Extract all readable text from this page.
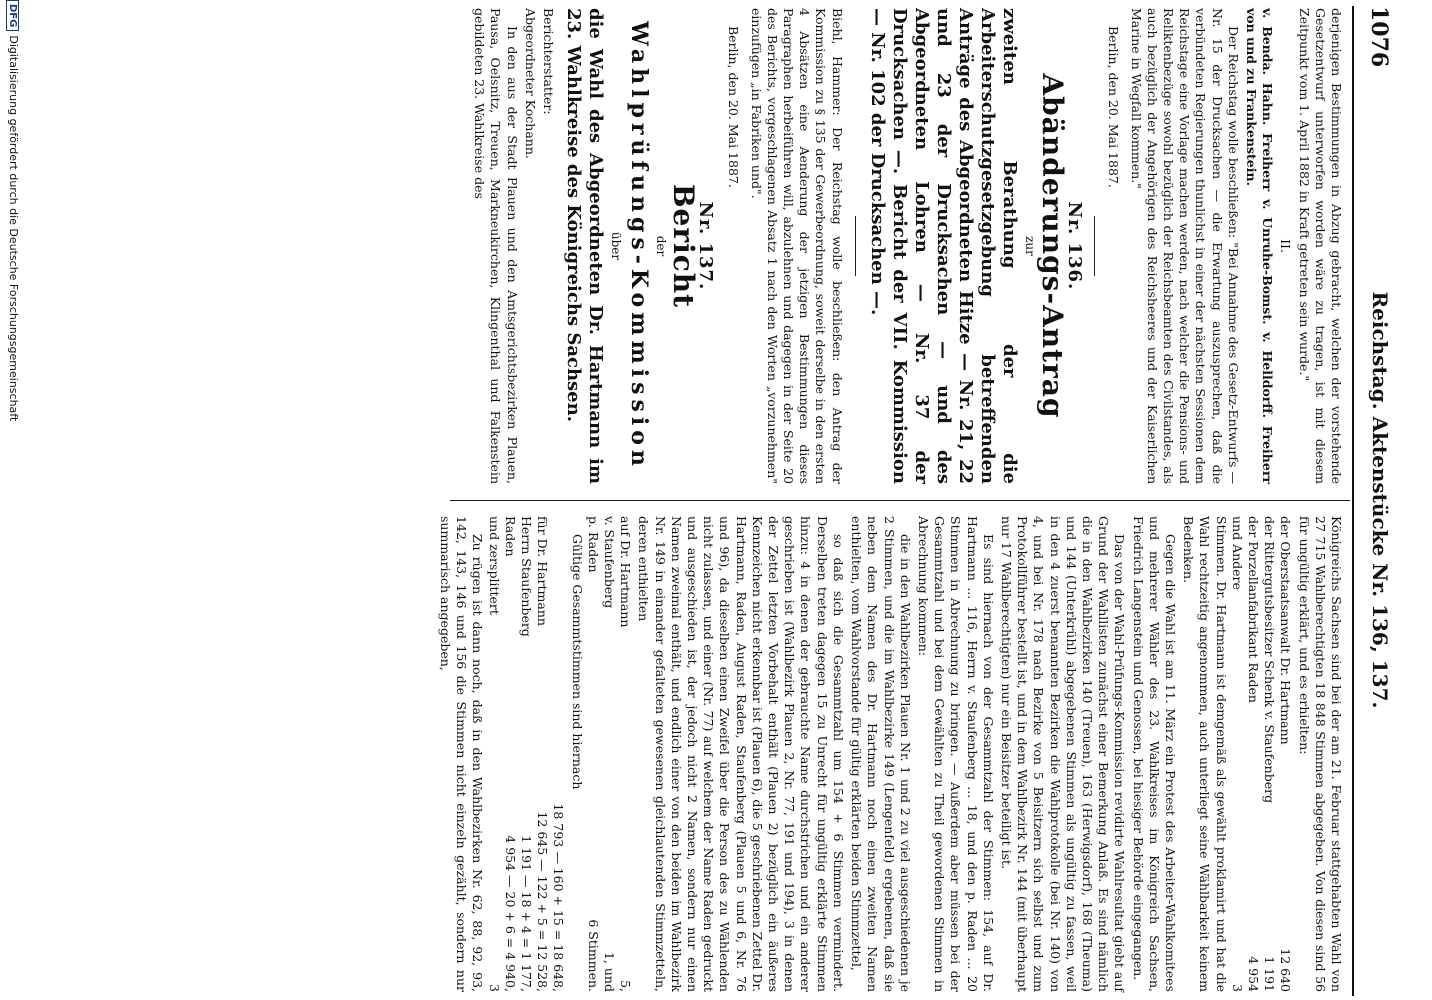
1076
Reichstag. Aktenstücke Nr. 136, 137.

derjenigen Bestimmungen in Abzug gebracht, welchen der vorstehende Gesetzentwurf unterworfen worden wäre zu tragen, ist mit diesem Zeitpunkt vom 1. April 1882 in Kraft getreten sein wurde."

II.

v. Benda. Hahn. Freiherr v. Unruhe-Bomst. v. Helldorff. Freiherr von und zu Frankenstein.

Der Reichstag wolle beschließen: "Bei Annahme des Gesetz-Entwurfs — Nr. 15 der Drucksachen — die Erwartung auszusprechen, daß die verbündeten Regierungen thunlichst in einer der nächsten Sessionen dem Reichstage eine Vorlage machen werden, nach welcher die Pensions- und Reliktenbezüge sowohl bezüglich der Reichsbeamten des Civilstandes, als auch bezüglich der Angehörigen des Reichsheeres und der Kaiserlichen Marine in Wegfall kommen."

Berlin, den 20. Mai 1887.

Nr. 136.
Abänderungs-Antrag
zur

zweiten Berathung der die Arbeiterschutzgesetzgebung betreffenden Anträge des Abgeordneten Hitze — Nr. 21, 22 und 23 der Drucksachen — und des Abgeordneten Lohren — Nr. 37 der Drucksachen —. Bericht der VII. Kommission — Nr. 102 der Drucksachen —.

Biehl, Hammer: Der Reichstag wolle beschließen: den Antrag der Kommission zu § 135 der Gewerbeordnung, soweit derselbe in den ersten 4 Absätzen eine Aenderung der jetzigen Bestimmungen dieses Paragraphen herbeiführen will, abzulehnen und dagegen in der Seite 20 des Berichts, vorgeschlagenen Absatz 1 nach den Worten „vorzunehmen" einzufügen „in Fabriken und".

Berlin, den 20. Mai 1887.

Nr. 137.
Bericht
der
Wahlprüfungs-Kommission
über

die Wahl des Abgeordneten Dr. Hartmann im 23. Wahlkreise des Königreichs Sachsen.

Berichterstatter:

Abgeordneter Kochann.

In den aus der Stadt Plauen und den Amtsgerichtsbezirken Plauen, Pausa, Oelsnitz, Treuen, Markneukirchen, Klingenthal und Falkenstein gebildeten 23. Wahlkreise des

Königreichs Sachsen sind bei der am 21. Februar stattgehabten Wahl von 27 715 Wahlberechtigten 18 848 Stimmen abgegeben. Von diesen sind 56 für ungültig erklärt, und es erhielten:

der Oberstaatsanwalt Dr. Hartmann
12 640
der Rittergutsbesitzer Schenk v. Staufenberg
1 191
der Porzellanfabrikant Raden
4 954
und Andere
3

Stimmen. Dr. Hartmann ist demgemäß als gewählt proklamirt und hat die Wahl rechtzeitig angenommen, auch unterliegt seine Wählbarkeit keinem Bedenken.

Gegen die Wahl ist am 11. März ein Protest des Arbeiter-Wahlkomitees und mehrerer Wähler des 23. Wahlkreises im Königreich Sachsen, Friedrich Langenstein und Genossen, bei hiesiger Behörde eingegangen.

Das von der Wahl-Prüfungs-Kommission revidirte Wahlresultat giebt auf Grund der Wahllisten zunächst einer Bemerkung Anlaß. Es sind nämlich die in den Wahlbezirken 140 (Treuen), 163 (Herwigsdorf), 168 (Theuma) und 144 (Unterkrühl) abgegebenen Stimmen als ungültig zu fassen, weil in den 4 zuerst benannten Bezirken die Wahlprotokolle (bei Nr. 140) von 4, und bei Nr. 178 nach Bezirke von 5 Beisitzern sich selbst und zum Protokollführer bestellt ist, und in dem Wahlbezirk Nr. 144 (mit überhaupt nur 17 Wahlberechtigten) nur ein Beisitzer beteiligt ist.

Es sind hiernach von der Gesammtzahl der Stimmen: 154, auf Dr. Hartmann ... 116, Herrn v. Staufenberg ... 18, und den p. Raden ... 20 Stimmen in Abrechnung zu bringen. — Außerdem aber müssen bei der Gesammtzahl und bei dem Gewählten zu Theil gewordenen Stimmen in Abrechnung kommen:

die in den Wahlbezirken Plauen Nr. 1 und 2 zu viel ausgeschiedenen je 2 Stimmen, und die im Wahlbezirke 149 (Lengenfeld) ergebenen, daß sie neben dem Namen des Dr. Hartmann noch einen zweiten Namen enthielten, vom Wahlvorstande für gültig erklärten beiden Stimmzettel,

so daß sich die Gesammtzahl um 154 + 6 Stimmen vermindert. Derselben treten dagegen 15 zu Unrecht für ungültig erklärte Stimmen hinzu: 4 in denen der gebrauchte Name durchstrichen und ein anderer geschrieben ist (Wahlbezirk Plauen 2, Nr. 77, 191 und 194), 3 in denen der Zettel letzten Vorbehalt enthält (Plauen 2) bezüglich ein äußeres Kennzeichen nicht erkennbar ist (Plauen 6), die 5 geschriebenen Zettel Dr. Hartmann, Raden, August Raden, Staufenberg (Plauen 5 und 6, Nr. 76 und 96), da dieselben einen Zweifel über die Person des zu Wählenden nicht zulassen, und einer (Nr. 77) auf welchem der Name Raden gedruckt und ausgeschieden ist, der jedoch nicht 2 Namen, sondern nur einen Namen zweimal enthält, und endlich einer von den beiden im Wahlbezirk Nr. 149 in einander gefalteten gewesenen gleichlautenden Stimmzetteln, deren enthielten

auf Dr. Hartmann
5,
v. Staufenberg
1, und
p. Raden
6 Stimmen.

Gültige Gesammtstimmen sind hiernach

18 793 — 160 + 15 = 18 648,
für Dr. Hartmann
12 645 — 122 + 5 = 12 528,
Herrn Staufenberg
1 191 — 18 + 4 = 1 177,
Raden
4 954 — 20 + 6 = 4 940,
und zersplittert
3

Zu rügen ist dann noch, daß in den Wahlbezirken Nr. 62, 88, 92, 93, 142, 143, 146 und 156 die Stimmen nicht einzeln gezählt, sondern nur summarisch angegeben,

DFGDigitalisierung gefördert durch die Deutsche Forschungsgemeinschaft
